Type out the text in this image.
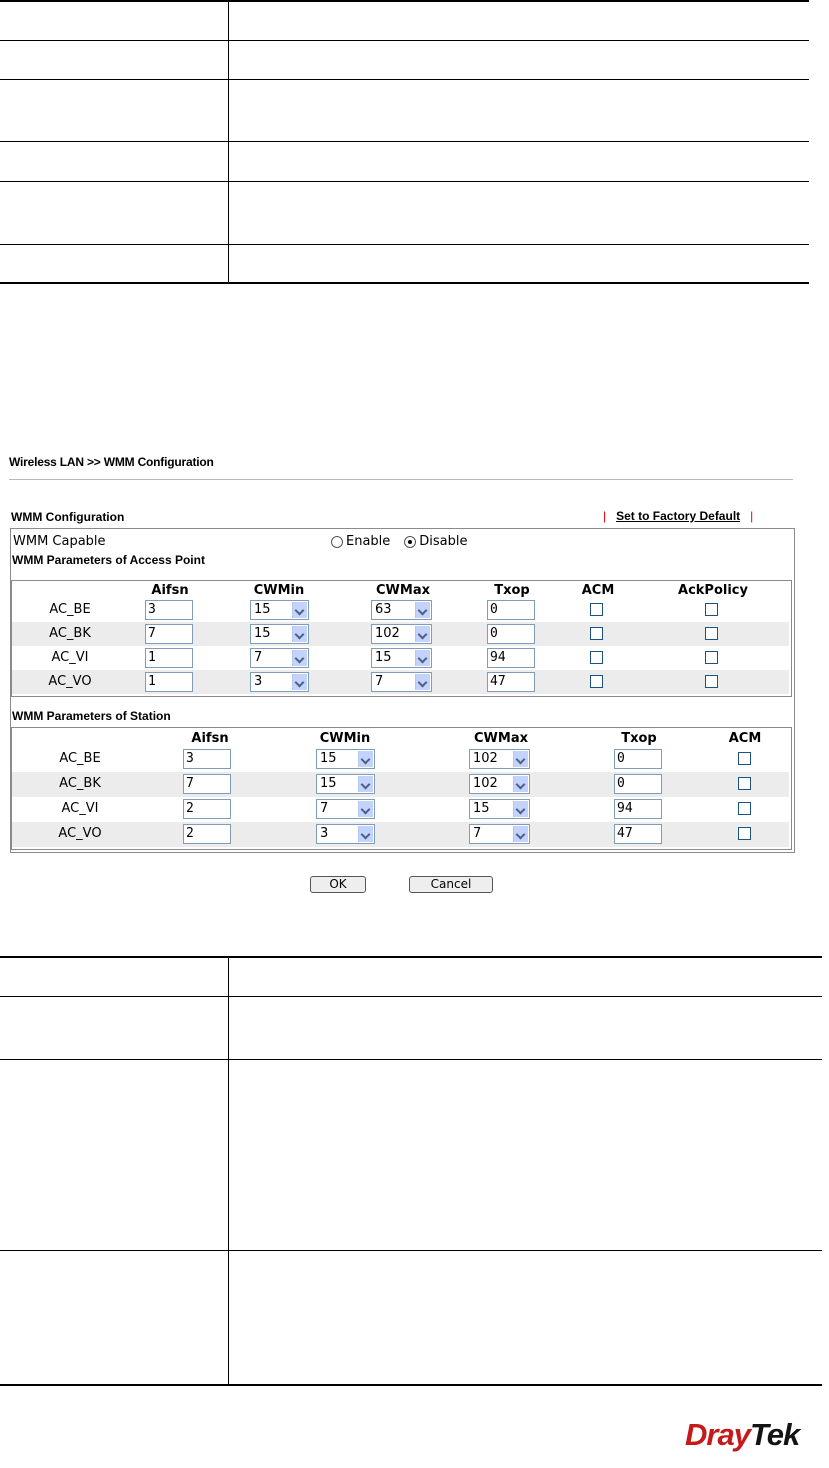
Wireless LAN >> WMM Configuration
WMM Configuration	| Set to Factory Default |
WMM Capable	Enable Disable
WMM Parameters of Access Point
Aifsn	CWMin	CWMax	Txop	ACM	AckPolicy
AC_BE	3	15	63	0
AC_BK	7	15	102	0
AC_VI	1	7	15	94
AC_VO	1	3	7	47
WMM Parameters of Station
Aifsn	CWMin	CWMax	Txop	ACM
AC_BE	3	15	102	0
AC_BK	7	15	102	0
AC_VI	2	7	15	94
AC_VO	2	3	7	47
OK	Cancel
DrayTek
